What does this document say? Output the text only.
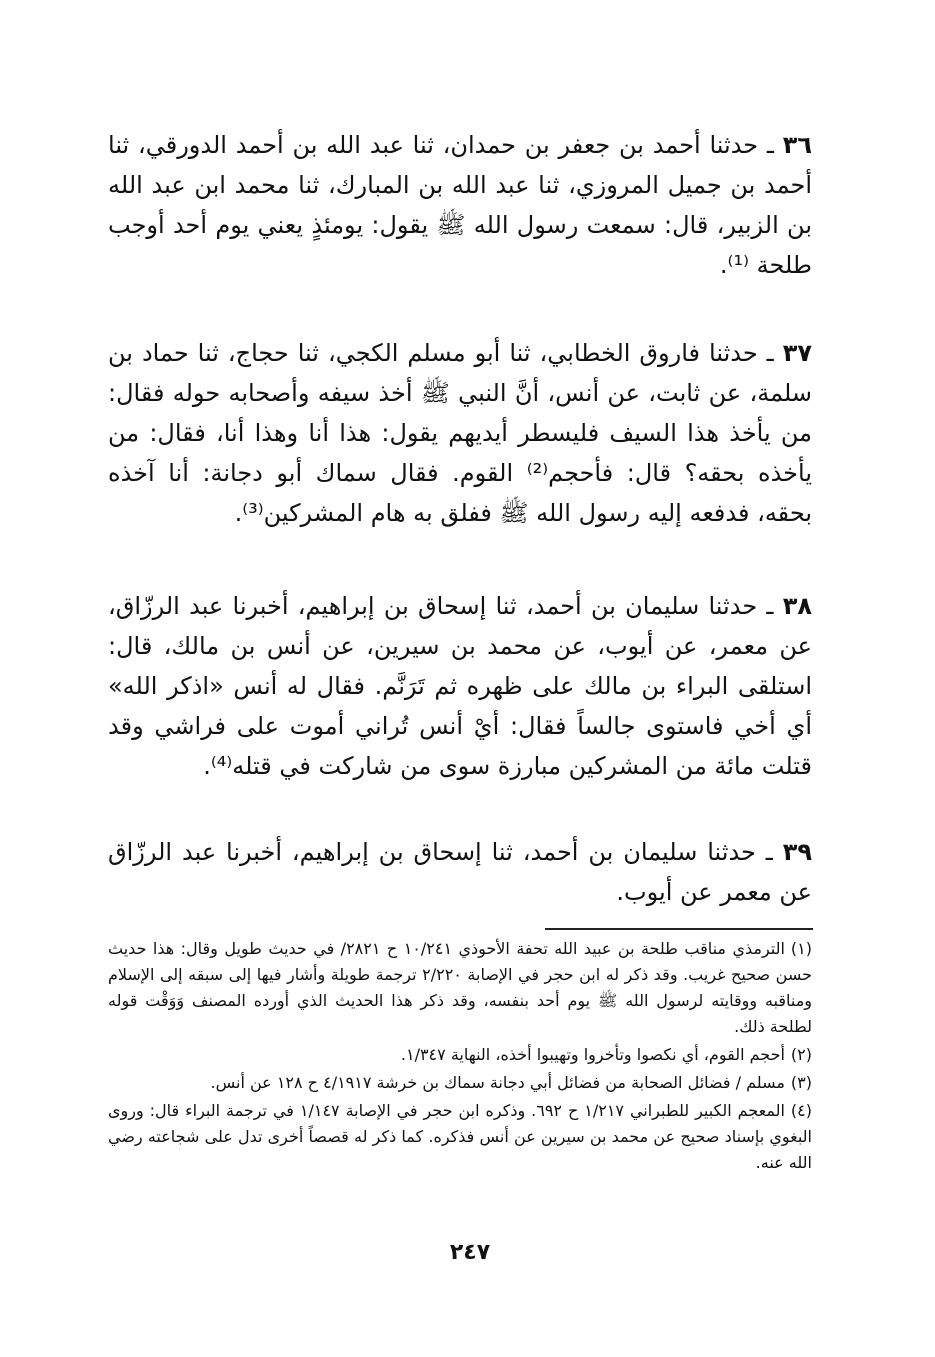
٣٦ ـ حدثنا أحمد بن جعفر بن حمدان، ثنا عبد الله بن أحمد الدورقي، ثنا أحمد بن جميل المروزي، ثنا عبد الله بن المبارك، ثنا محمد ابن عبد الله بن الزبير، قال: سمعت رسول الله ﷺ يقول: يومئذٍ يعني يوم أحد أوجب طلحة ⁽¹⁾.

٣٧ ـ حدثنا فاروق الخطابي، ثنا أبو مسلم الكجي، ثنا حجاج، ثنا حماد بن سلمة، عن ثابت، عن أنس، أنَّ النبي ﷺ أخذ سيفه وأصحابه حوله فقال: من يأخذ هذا السيف فليسطر أيديهم يقول: هذا أنا وهذا أنا، فقال: من يأخذه بحقه؟ قال: فأحجم⁽²⁾ القوم. فقال سماك أبو دجانة: أنا آخذه بحقه، فدفعه إليه رسول الله ﷺ ففلق به هام المشركين⁽³⁾.

٣٨ ـ حدثنا سليمان بن أحمد، ثنا إسحاق بن إبراهيم، أخبرنا عبد الرزّاق، عن معمر، عن أيوب، عن محمد بن سيرين، عن أنس بن مالك، قال: استلقى البراء بن مالك على ظهره ثم تَرَنَّم. فقال له أنس «اذكر الله» أي أخي فاستوى جالساً فقال: أيْ أنس تُراني أموت على فراشي وقد قتلت مائة من المشركين مبارزة سوى من شاركت في قتله⁽⁴⁾.

٣٩ ـ حدثنا سليمان بن أحمد، ثنا إسحاق بن إبراهيم، أخبرنا عبد الرزّاق عن معمر عن أيوب.

(١)الترمذي مناقب طلحة بن عبيد الله تحفة الأحوذي ١٠/٢٤١ ح ٢٨٢١/ في حديث طويل وقال: هذا حديث حسن صحيح غريب. وقد ذكر له ابن حجر في الإصابة ٢/٢٢٠ ترجمة طويلة وأشار فيها إلى سبقه إلى الإسلام ومناقبه ووقايته لرسول الله ﷺ يوم أحد بنفسه، وقد ذكر هذا الحديث الذي أورده المصنف وَوَقْت قوله لطلحة ذلك.

(٢)أحجم القوم، أي نكصوا وتأخروا وتهيبوا أخذه، النهاية ١/٣٤٧.

(٣)مسلم / فضائل الصحابة من فضائل أبي دجانة سماك بن خرشة ٤/١٩١٧ ح ١٢٨ عن أنس.

(٤)المعجم الكبير للطبراني ١/٢١٧ ح ٦٩٢. وذكره ابن حجر في الإصابة ١/١٤٧ في ترجمة البراء قال: وروى البغوي بإسناد صحيح عن محمد بن سيرين عن أنس فذكره. كما ذكر له قصصاً أخرى تدل على شجاعته رضي الله عنه.

٢٤٧
